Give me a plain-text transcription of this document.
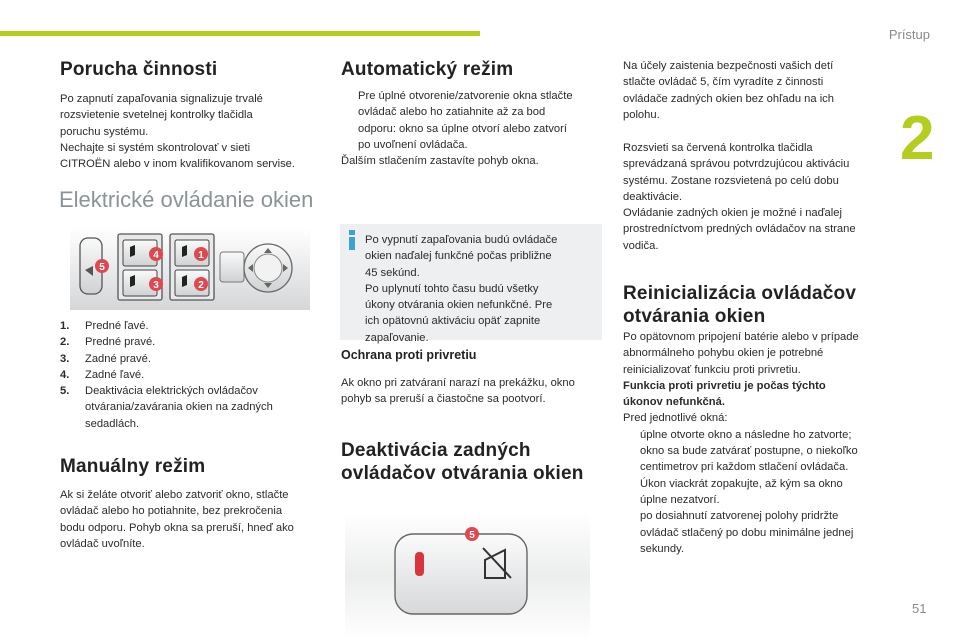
Prístup
2
51
Porucha činnosti

Po zapnutí zapaľovania signalizuje trvalé

rozsvietenie svetelnej kontrolky tlačidla

poruchu systému.

Nechajte si systém skontrolovať v sieti

CITROËN alebo v inom kvalifikovanom servise.

Elektrické ovládanie okien
5
4
3
1
2
1.	Predné ľavé.
2.	Predné pravé.
3.	Zadné pravé.
4.	Zadné ľavé.
5.	Deaktivácia elektrických ovládačov
otvárania/zavárania okien na zadných
sedadlách.
Manuálny režim

Ak si želáte otvoriť alebo zatvoriť okno, stlačte

ovládač alebo ho potiahnite, bez prekročenia

bodu odporu. Pohyb okna sa preruší, hneď ako

ovládač uvoľníte.

Automatický režim

Pre úplné otvorenie/zatvorenie okna stlačte

ovládač alebo ho zatiahnite až za bod

odporu: okno sa úplne otvorí alebo zatvorí

po uvoľnení ovládača.

Ďalším stlačením zastavíte pohyb okna.

Po vypnutí zapaľovania budú ovládače

okien naďalej funkčné počas približne

45 sekúnd.

Po uplynutí tohto času budú všetky

úkony otvárania okien nefunkčné. Pre

ich opätovnú aktiváciu opäť zapnite

zapaľovanie.

Ochrana proti privretiu

Ak okno pri zatváraní narazí na prekážku, okno

pohyb sa preruší a čiastočne sa pootvorí.

Deaktivácia zadných
ovládačov otvárania okien
5

Na účely zaistenia bezpečnosti vašich detí

stlačte ovládač 5, čím vyradíte z činnosti

ovládače zadných okien bez ohľadu na ich

polohu.

Rozsvieti sa červená kontrolka tlačidla

sprevádzaná správou potvrdzujúcou aktiváciu

systému. Zostane rozsvietená po celú dobu

deaktivácie.

Ovládanie zadných okien je možné i naďalej

prostredníctvom predných ovládačov na strane

vodiča.

Reinicializácia ovládačov
otvárania okien

Po opätovnom pripojení batérie alebo v prípade

abnormálneho pohybu okien je potrebné

reinicializovať funkciu proti privretiu.

Funkcia proti privretiu je počas týchto

úkonov nefunkčná.

Pred jednotlivé okná:

úplne otvorte okno a následne ho zatvorte;

okno sa bude zatvárať postupne, o niekoľko

centimetrov pri každom stlačení ovládača.

Úkon viackrát zopakujte, až kým sa okno

úplne nezatvorí.

po dosiahnutí zatvorenej polohy pridržte

ovládač stlačený po dobu minimálne jednej

sekundy.
